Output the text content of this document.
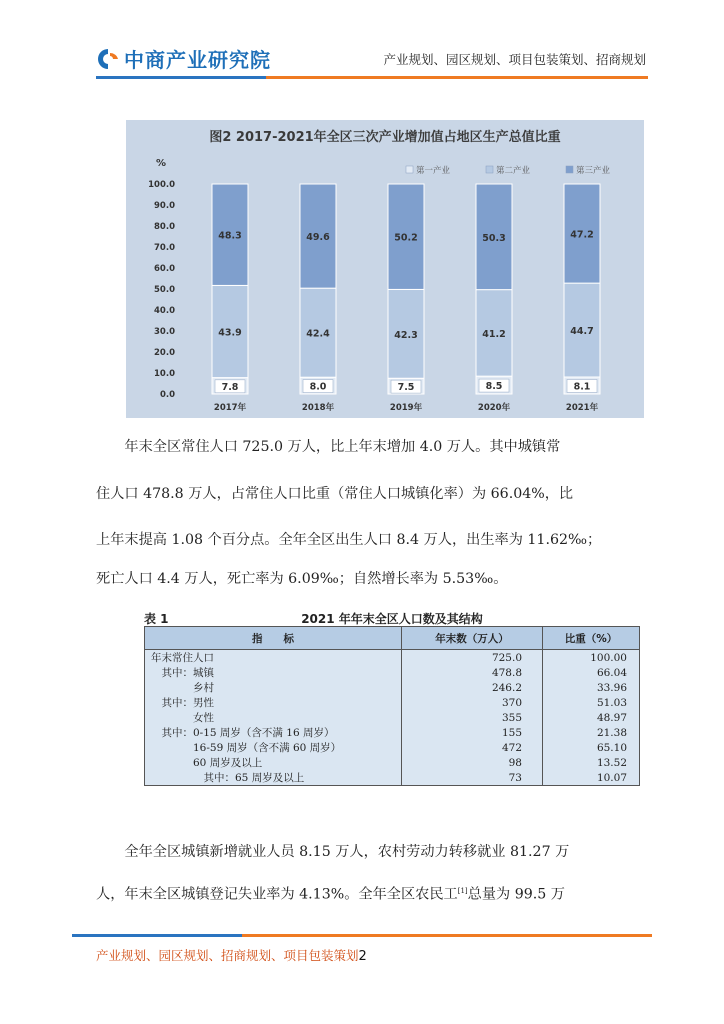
中商产业研究院	产业规划、园区规划、项目包装策划、招商规划
图2 2017-2021年全区三次产业增加值占地区生产总值比重
%
0.0
10.0
20.0
30.0
40.0
50.0
60.0
70.0
80.0
90.0
100.0
第一产业	第二产业	第三产业
7.8
43.9
48.3
2017年
8.0
42.4
49.6
2018年
7.5
42.3
50.2
2019年
8.5
41.2
50.3
2020年
8.1
44.7
47.2
2021年
　　年末全区常住人口 725.0 万人，比上年末增加 4.0 万人。其中城镇常
住人口 478.8 万人，占常住人口比重（常住人口城镇化率）为 66.04%，比
上年末提高 1.08 个百分点。全年全区出生人口 8.4 万人，出生率为 11.62‰；
死亡人口 4.4 万人，死亡率为 6.09‰；自然增长率为 5.53‰。
表 1	2021 年年末全区人口数及其结构
指　　标	年末数（万人）	比重（%）
年末常住人口	725.0	100.00
　其中：城镇	478.8	66.04
　　　　乡村	246.2	33.96
　其中：男性	370	51.03
　　　　女性	355	48.97
　其中：0-15 周岁（含不满 16 周岁）	155	21.38
　　　　16-59 周岁（含不满 60 周岁）	472	65.10
　　　　60 周岁及以上	98	13.52
　　　　　其中：65 周岁及以上	73	10.07
　　全年全区城镇新增就业人员 8.15 万人，农村劳动力转移就业 81.27 万
人，年末全区城镇登记失业率为 4.13%。全年全区农民工[1]总量为 99.5 万
产业规划、园区规划、招商规划、项目包装策划2
